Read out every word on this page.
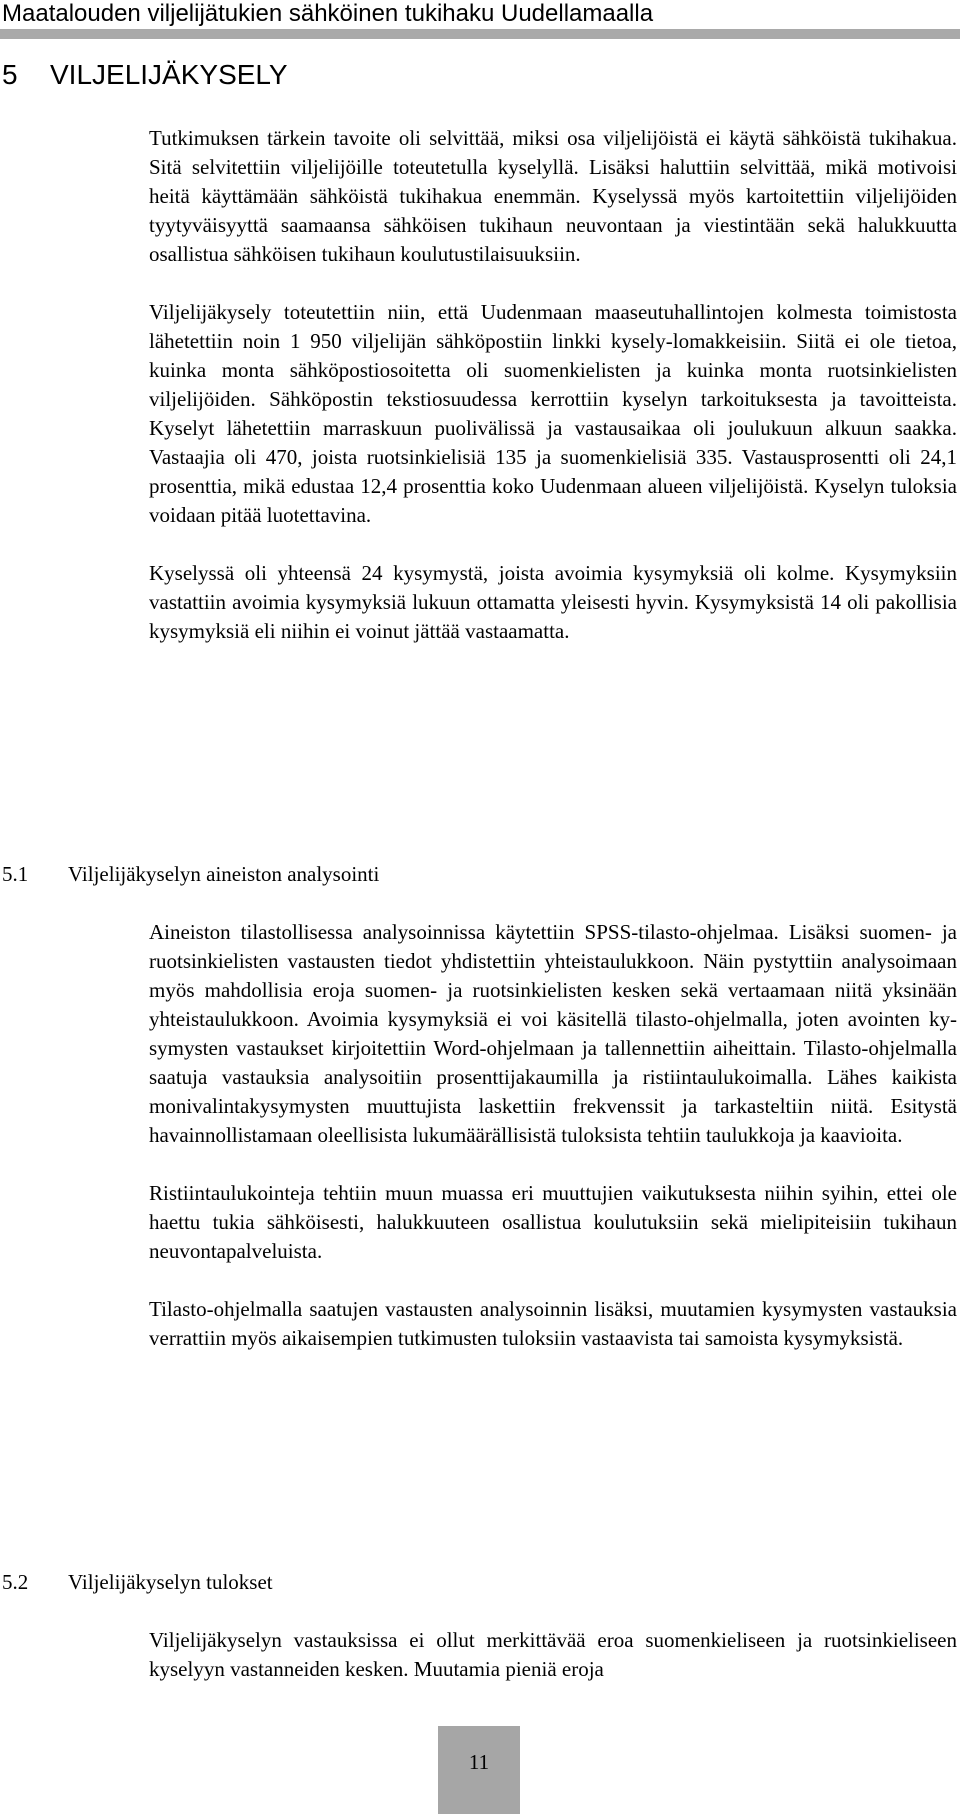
Maatalouden viljelijätukien sähköinen tukihaku Uudellamaalla
5 VILJELIJÄKYSELY

Tutkimuksen tärkein tavoite oli selvittää, miksi osa viljelijöistä ei käytä sähköistä tukihakua. Sitä selvitettiin viljelijöille toteutetulla kyselyllä. Lisäksi haluttiin selvittää, mikä motivoisi heitä käyttämään sähköistä tukihakua enemmän. Kyselyssä myös kartoitettiin viljelijöiden tyytyväisyyttä saamaansa sähköisen tukihaun neuvontaan ja viestintään sekä halukkuutta osallistua sähköisen tukihaun koulutustilaisuuksiin.

Viljelijäkysely toteutettiin niin, että Uudenmaan maaseutuhallintojen kolmesta toimistosta lähetettiin noin 1 950 viljelijän sähköpostiin linkki kysely-lomakkeisiin. Siitä ei ole tietoa, kuinka monta sähköpostiosoitetta oli suomenkielisten ja kuinka monta ruotsinkielisten viljelijöiden. Sähköpostin tekstiosuudessa kerrottiin kyselyn tarkoituksesta ja tavoitteista. Kyselyt lähetettiin marraskuun puolivälissä ja vastausaikaa oli joulukuun alkuun saakka. Vastaajia oli 470, joista ruotsinkielisiä 135 ja suomenkielisiä 335. Vastausprosentti oli 24,1 prosenttia, mikä edustaa 12,4 prosenttia koko Uudenmaan alueen viljelijöistä. Kyselyn tuloksia voidaan pitää luotettavina.

Kyselyssä oli yhteensä 24 kysymystä, joista avoimia kysymyksiä oli kolme. Kysymyksiin vastattiin avoimia kysymyksiä lukuun ottamatta yleisesti hyvin. Kysymyksistä 14 oli pakollisia kysymyksiä eli niihin ei voinut jättää vastaamatta.

5.1 Viljelijäkyselyn aineiston analysointi

Aineiston tilastollisessa analysoinnissa käytettiin SPSS-tilasto-ohjelmaa. Lisäksi suomen- ja ruotsinkielisten vastausten tiedot yhdistettiin yhteistaulukkoon. Näin pystyttiin analysoimaan myös mahdollisia eroja suomen- ja ruotsinkielisten kesken sekä vertaamaan niitä yksinään yhteistaulukkoon. Avoimia kysymyksiä ei voi käsitellä tilasto-ohjelmalla, joten avointen kysymysten vastaukset kirjoitettiin Word-ohjelmaan ja tallennettiin aiheittain. Tilasto-ohjelmalla saatuja vastauksia analysoitiin prosenttijakaumilla ja ristiintaulukoimalla. Lähes kaikista monivalintakysymysten muuttujista laskettiin frekvenssit ja tarkasteltiin niitä. Esitystä havainnollistamaan oleellisista lukumäärällisistä tuloksista tehtiin taulukkoja ja kaavioita.

Ristiintaulukointeja tehtiin muun muassa eri muuttujien vaikutuksesta niihin syihin, ettei ole haettu tukia sähköisesti, halukkuuteen osallistua koulutuksiin sekä mielipiteisiin tukihaun neuvontapalveluista.

Tilasto-ohjelmalla saatujen vastausten analysoinnin lisäksi, muutamien kysymysten vastauksia verrattiin myös aikaisempien tutkimusten tuloksiin vastaavista tai samoista kysymyksistä.

5.2 Viljelijäkyselyn tulokset

Viljelijäkyselyn vastauksissa ei ollut merkittävää eroa suomenkieliseen ja ruotsinkieliseen kyselyyn vastanneiden kesken. Muutamia pieniä eroja

11
